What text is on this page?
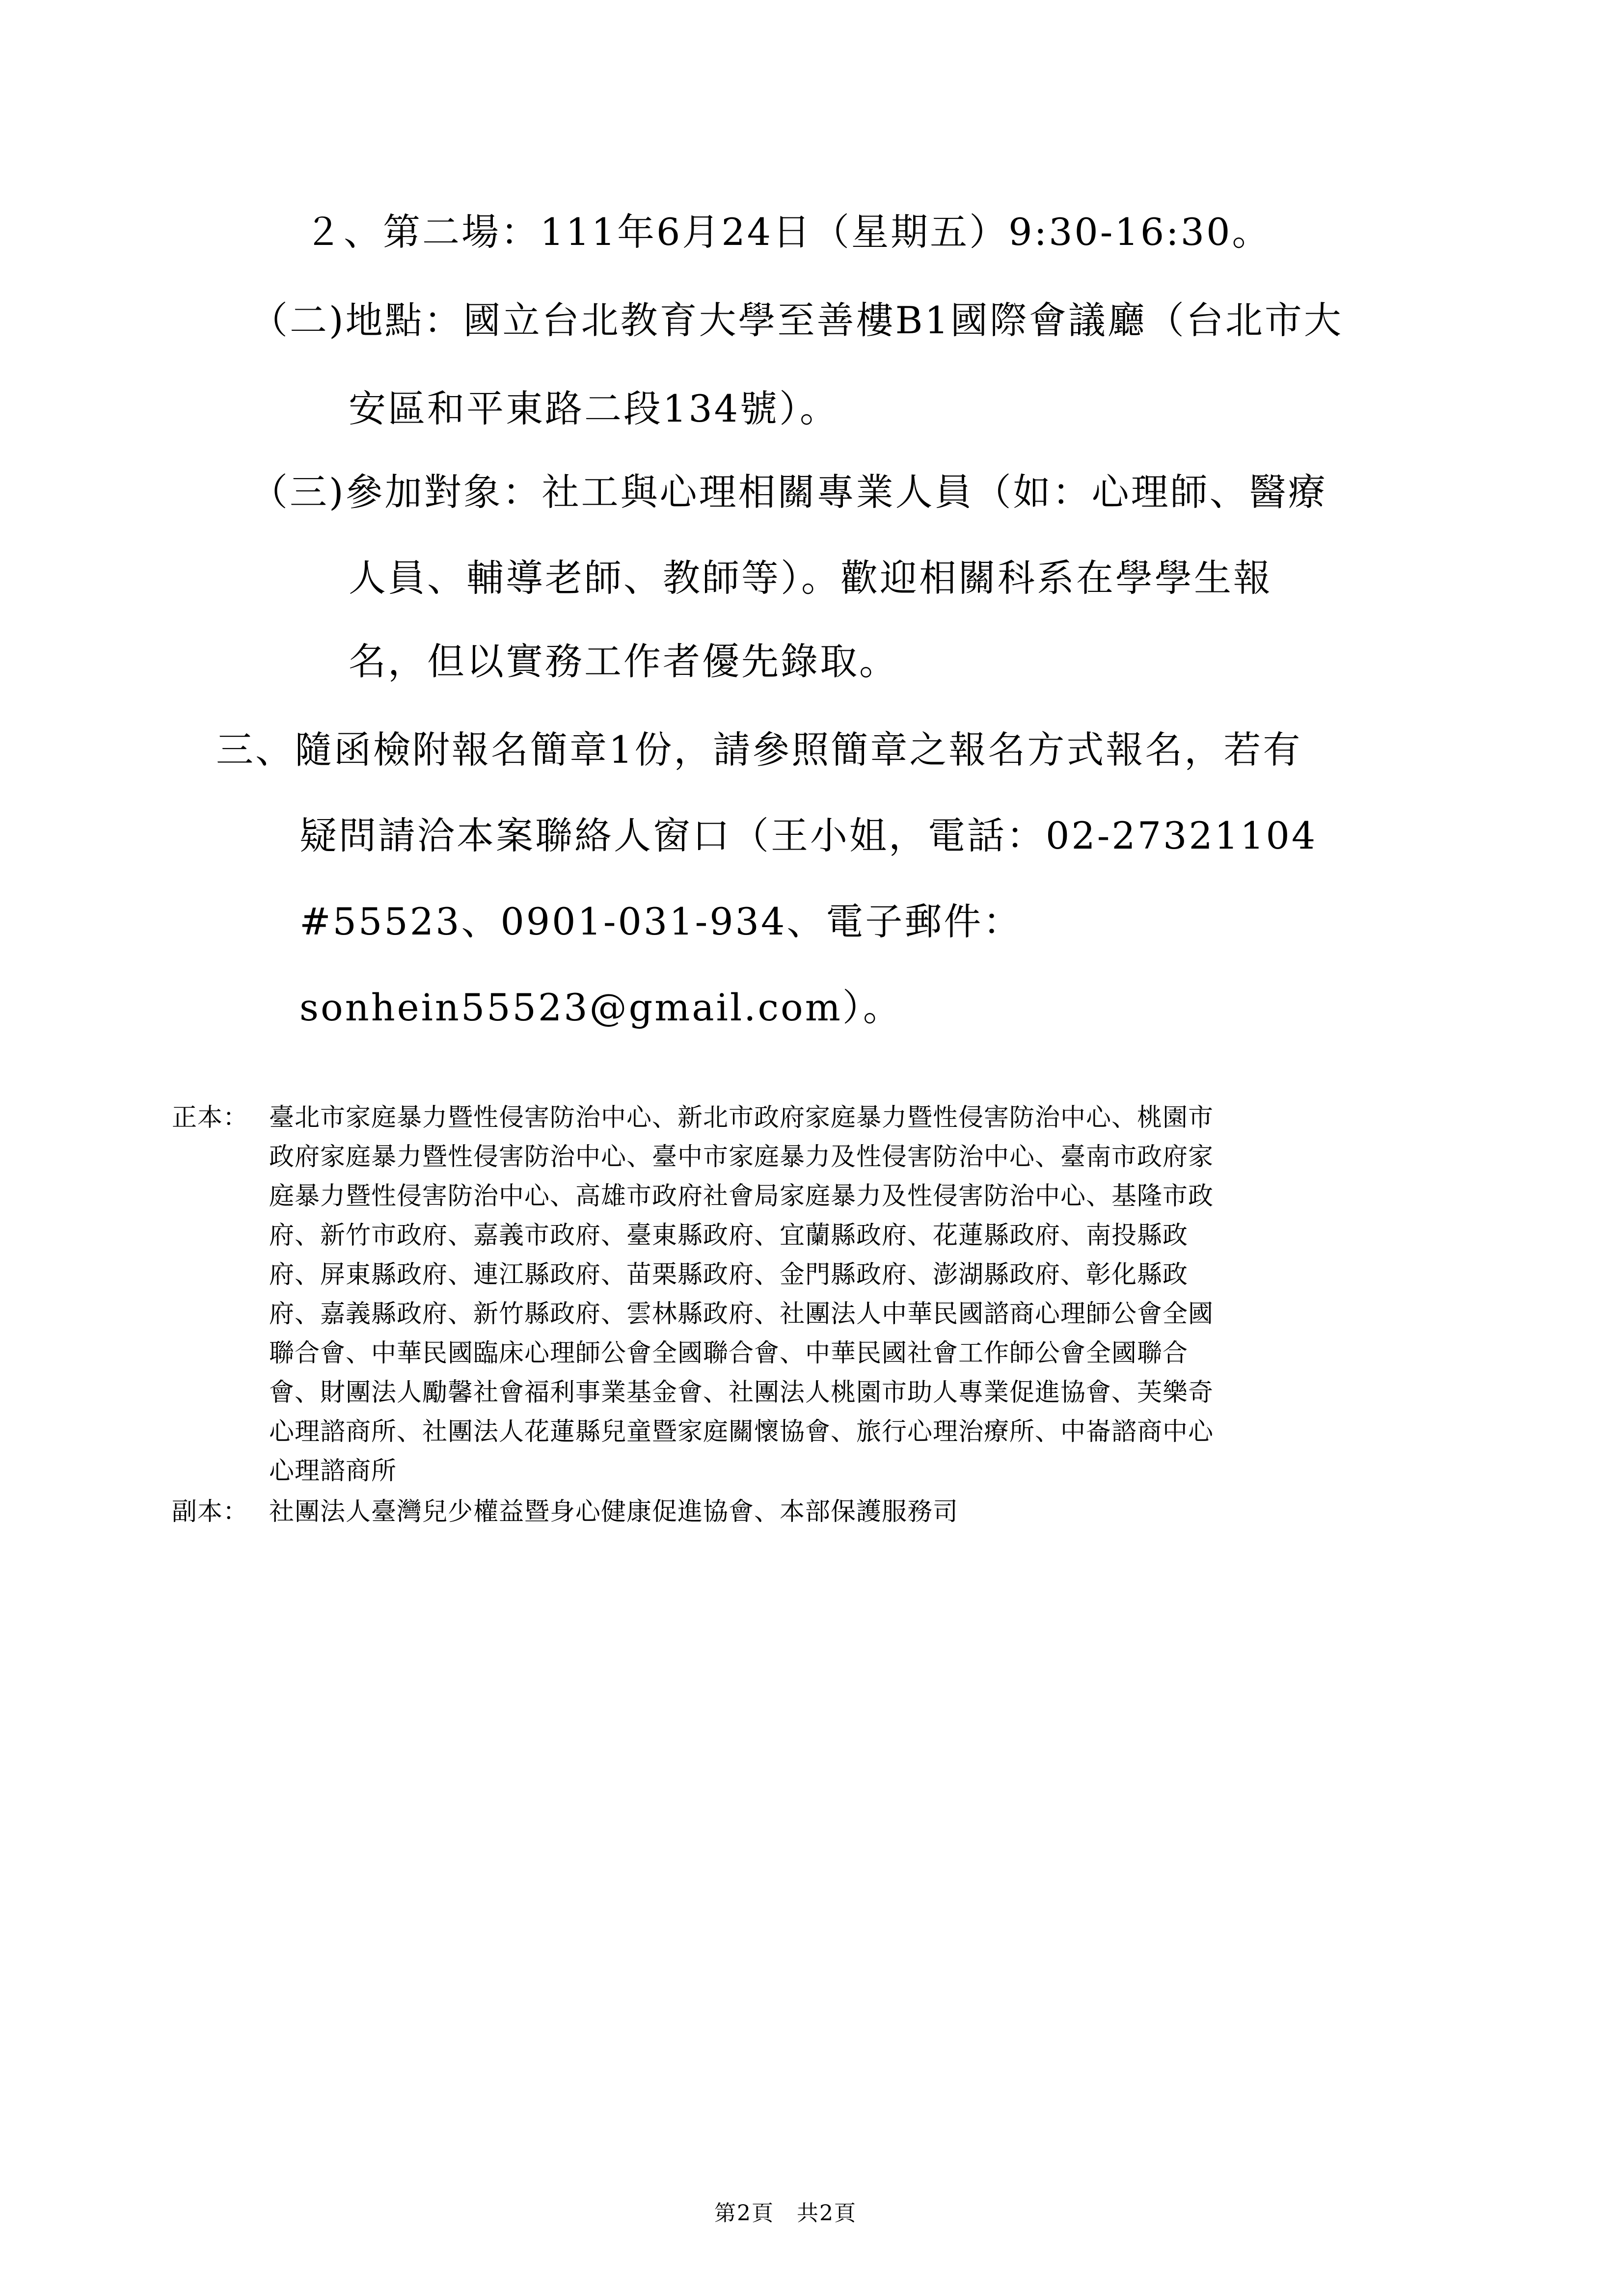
２、第二場：111年6月24日（星期五）9:30-16:30。
（二)地點：國立台北教育大學至善樓B1國際會議廳（台北市大
安區和平東路二段134號）。
（三)參加對象：社工與心理相關專業人員（如：心理師、醫療
人員、輔導老師、教師等）。歡迎相關科系在學學生報
名，但以實務工作者優先錄取。
三、隨函檢附報名簡章1份，請參照簡章之報名方式報名，若有
疑問請洽本案聯絡人窗口（王小姐，電話：02-27321104
#55523、0901-031-934、電子郵件：
sonhein55523@gmail.com）。
正本： 臺北市家庭暴力暨性侵害防治中心、新北市政府家庭暴力暨性侵害防治中心、桃園市
政府家庭暴力暨性侵害防治中心、臺中市家庭暴力及性侵害防治中心、臺南市政府家
庭暴力暨性侵害防治中心、高雄市政府社會局家庭暴力及性侵害防治中心、基隆市政
府、新竹市政府、嘉義市政府、臺東縣政府、宜蘭縣政府、花蓮縣政府、南投縣政
府、屏東縣政府、連江縣政府、苗栗縣政府、金門縣政府、澎湖縣政府、彰化縣政
府、嘉義縣政府、新竹縣政府、雲林縣政府、社團法人中華民國諮商心理師公會全國
聯合會、中華民國臨床心理師公會全國聯合會、中華民國社會工作師公會全國聯合
會、財團法人勵馨社會福利事業基金會、社團法人桃園市助人專業促進協會、芙樂奇
心理諮商所、社團法人花蓮縣兒童暨家庭關懷協會、旅行心理治療所、中崙諮商中心
心理諮商所
副本： 社團法人臺灣兒少權益暨身心健康促進協會、本部保護服務司
第2頁　共2頁
